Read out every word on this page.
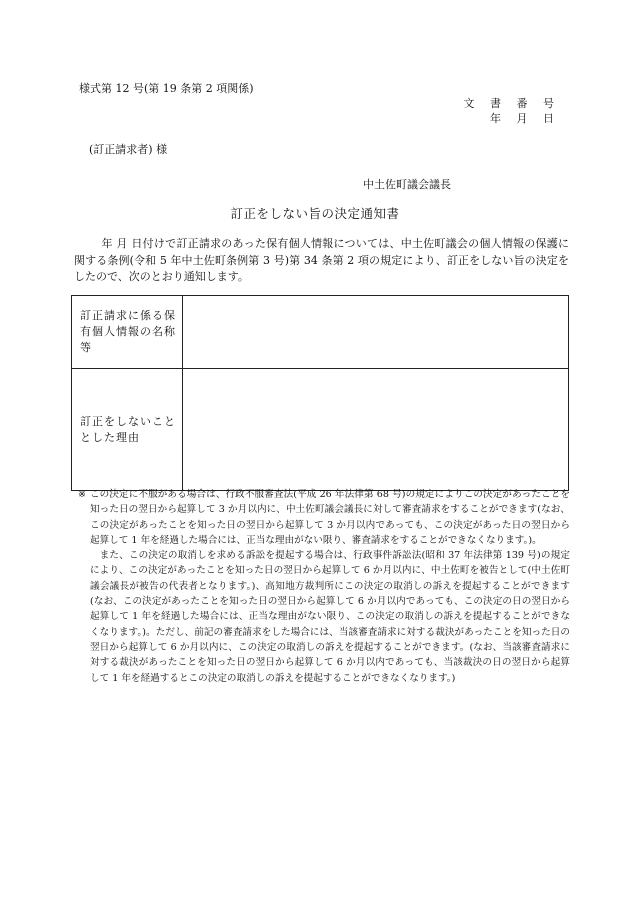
様式第 12 号(第 19 条第 2 項関係)
文 書 番 号
年 月 日
(訂正請求者) 様
中土佐町議会議長
訂正をしない旨の決定通知書
年 月 日付けで訂正請求のあった保有個人情報については、中土佐町議会の個人情報の保護に関する条例(令和 5 年中土佐町条例第 3 号)第 34 条第 2 項の規定により、訂正をしない旨の決定をしたので、次のとおり通知します。
訂正請求に係る保有個人情報の名称等	
訂正をしないこととした理由	
※ この決定に不服がある場合は、行政不服審査法(平成 26 年法律第 68 号)の規定によりこの決定があったことを知った日の翌日から起算して 3 か月以内に、中土佐町議会議長に対して審査請求をすることができます(なお、この決定があったことを知った日の翌日から起算して 3 か月以内であっても、この決定があった日の翌日から起算して 1 年を経過した場合には、正当な理由がない限り、審査請求をすることができなくなります。)。
また、この決定の取消しを求める訴訟を提起する場合は、行政事件訴訟法(昭和 37 年法律第 139 号)の規定により、この決定があったことを知った日の翌日から起算して 6 か月以内に、中土佐町を被告として(中土佐町議会議長が被告の代表者となります。)、高知地方裁判所にこの決定の取消しの訴えを提起することができます(なお、この決定があったことを知った日の翌日から起算して 6 か月以内であっても、この決定の日の翌日から起算して 1 年を経過した場合には、正当な理由がない限り、この決定の取消しの訴えを提起することができなくなります。)。ただし、前記の審査請求をした場合には、当該審査請求に対する裁決があったことを知った日の翌日から起算して 6 か月以内に、この決定の取消しの訴えを提起することができます。(なお、当該審査請求に対する裁決があったことを知った日の翌日から起算して 6 か月以内であっても、当該裁決の日の翌日から起算して 1 年を経過するとこの決定の取消しの訴えを提起することができなくなります。)
